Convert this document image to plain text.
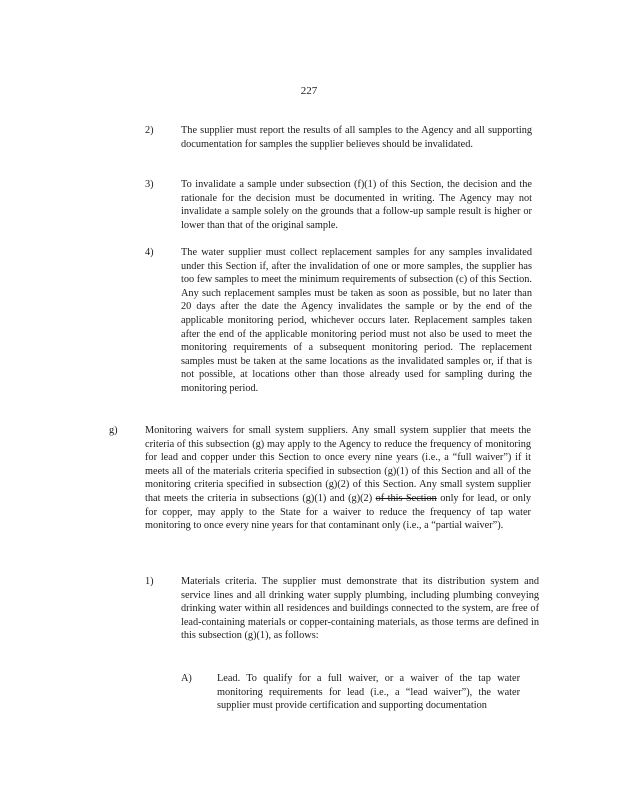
227
2)	The supplier must report the results of all samples to the Agency and all supporting documentation for samples the supplier believes should be invalidated.
3)	To invalidate a sample under subsection (f)(1) of this Section, the decision and the rationale for the decision must be documented in writing. The Agency may not invalidate a sample solely on the grounds that a follow-up sample result is higher or lower than that of the original sample.
4)	The water supplier must collect replacement samples for any samples invalidated under this Section if, after the invalidation of one or more samples, the supplier has too few samples to meet the minimum requirements of subsection (c) of this Section. Any such replacement samples must be taken as soon as possible, but no later than 20 days after the date the Agency invalidates the sample or by the end of the applicable monitoring period, whichever occurs later. Replacement samples taken after the end of the applicable monitoring period must not also be used to meet the monitoring requirements of a subsequent monitoring period. The replacement samples must be taken at the same locations as the invalidated samples or, if that is not possible, at locations other than those already used for sampling during the monitoring period.
g)	Monitoring waivers for small system suppliers. Any small system supplier that meets the criteria of this subsection (g) may apply to the Agency to reduce the frequency of monitoring for lead and copper under this Section to once every nine years (i.e., a “full waiver”) if it meets all of the materials criteria specified in subsection (g)(1) of this Section and all of the monitoring criteria specified in subsection (g)(2) of this Section. Any small system supplier that meets the criteria in subsections (g)(1) and (g)(2) of this Section only for lead, or only for copper, may apply to the State for a waiver to reduce the frequency of tap water monitoring to once every nine years for that contaminant only (i.e., a “partial waiver”).
1)	Materials criteria. The supplier must demonstrate that its distribution system and service lines and all drinking water supply plumbing, including plumbing conveying drinking water within all residences and buildings connected to the system, are free of lead-containing materials or copper-containing materials, as those terms are defined in this subsection (g)(1), as follows:
A) Lead. To qualify for a full waiver, or a waiver of the tap water monitoring requirements for lead (i.e., a “lead waiver”), the water supplier must provide certification and supporting documentation
